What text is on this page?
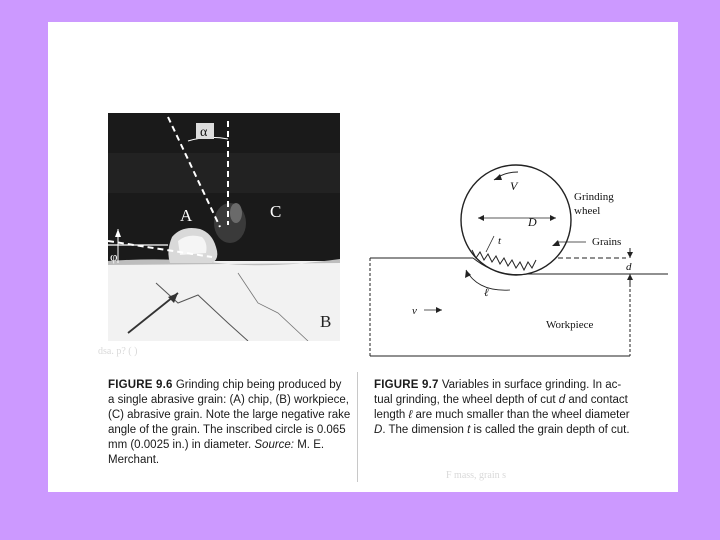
dsa. p? ( )
F mass, grain s
α
A	C
B
φ
V
D
Grinding
wheel
Grains
t
d
ℓ
v
Workpiece
FIGURE 9.6 Grinding chip being produced by
a single abrasive grain: (A) chip, (B) workpiece,
(C) abrasive grain. Note the large negative rake
angle of the grain. The inscribed circle is 0.065
mm (0.0025 in.) in diameter. Source: M. E.
Merchant.
FIGURE 9.7 Variables in surface grinding. In ac-
tual grinding, the wheel depth of cut d and contact
length ℓ are much smaller than the wheel diameter
D. The dimension t is called the grain depth of cut.
